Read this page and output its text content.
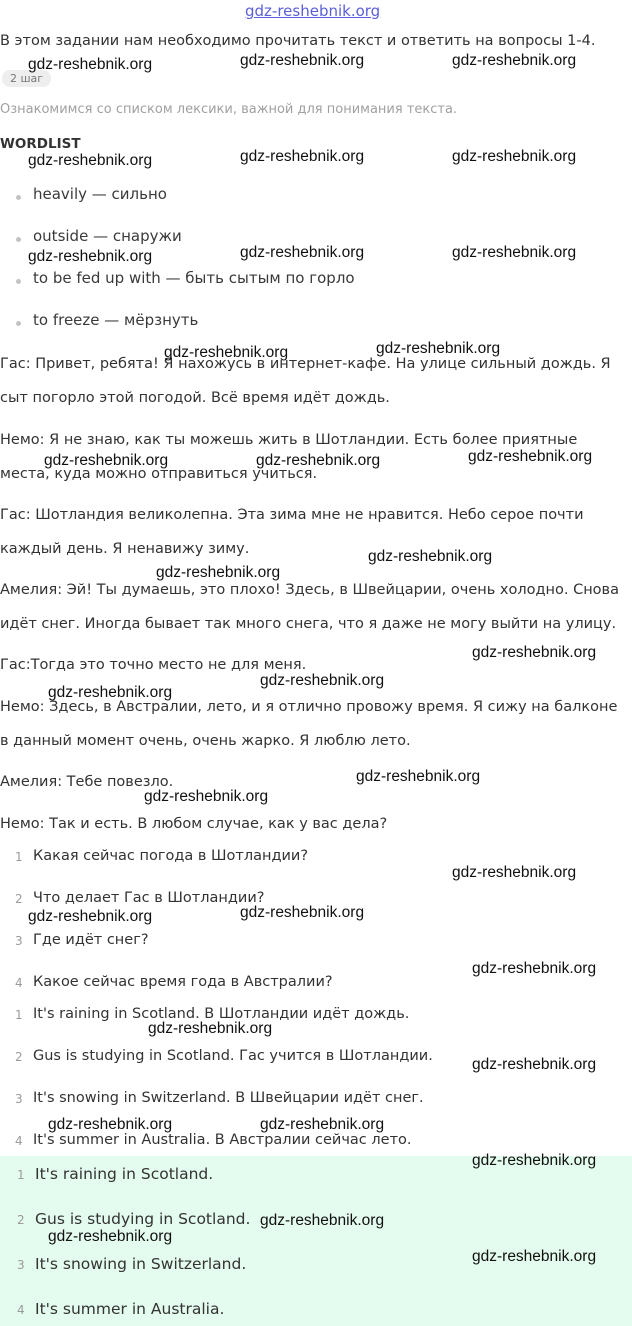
gdz-reshebnik.org
В этом задании нам необходимо прочитать текст и ответить на вопросы 1-4.
2 шаг
Ознакомимся со списком лексики, важной для понимания текста.
WORDLIST
heavily — сильно
outside — снаружи
to be fed up with — быть сытым по горло
to freeze — мёрзнуть
Гас: Привет, ребята! Я нахожусь в интернет-кафе. На улице сильный дождь. Я
сыт погорло этой погодой. Всё время идёт дождь.
Немо: Я не знаю, как ты можешь жить в Шотландии. Есть более приятные
места, куда можно отправиться учиться.
Гас: Шотландия великолепна. Эта зима мне не нравится. Небо серое почти
каждый день. Я ненавижу зиму.
Амелия: Эй! Ты думаешь, это плохо! Здесь, в Швейцарии, очень холодно. Снова
идёт снег. Иногда бывает так много снега, что я даже не могу выйти на улицу.
Гас:Тогда это точно место не для меня.
Немо: Здесь, в Австралии, лето, и я отлично провожу время. Я сижу на балконе
в данный момент очень, очень жарко. Я люблю лето.
Амелия: Тебе повезло.
Немо: Так и есть. В любом случае, как у вас дела?
1 Какая сейчас погода в Шотландии?
2 Что делает Гас в Шотландии?
3 Где идёт снег?
4 Какое сейчас время года в Австралии?
1 It's raining in Scotland. В Шотландии идёт дождь.
2 Gus is studying in Scotland. Гас учится в Шотландии.
3 It's snowing in Switzerland. В Швейцарии идёт снег.
4 It's summer in Australia. В Австралии сейчас лето.
1 It's raining in Scotland.
2 Gus is studying in Scotland.
3 It's snowing in Switzerland.
4 It's summer in Australia.
gdz-reshebnik.org	gdz-reshebnik.org	gdz-reshebnik.org
gdz-reshebnik.org	gdz-reshebnik.org	gdz-reshebnik.org
gdz-reshebnik.org	gdz-reshebnik.org	gdz-reshebnik.org
gdz-reshebnik.org	gdz-reshebnik.org
gdz-reshebnik.org	gdz-reshebnik.org	gdz-reshebnik.org
gdz-reshebnik.org
gdz-reshebnik.org
gdz-reshebnik.org
gdz-reshebnik.org
gdz-reshebnik.org
gdz-reshebnik.org
gdz-reshebnik.org
gdz-reshebnik.org
gdz-reshebnik.org	gdz-reshebnik.org
gdz-reshebnik.org
gdz-reshebnik.org
gdz-reshebnik.org
gdz-reshebnik.org	gdz-reshebnik.org
gdz-reshebnik.org
gdz-reshebnik.org
gdz-reshebnik.org
gdz-reshebnik.org
